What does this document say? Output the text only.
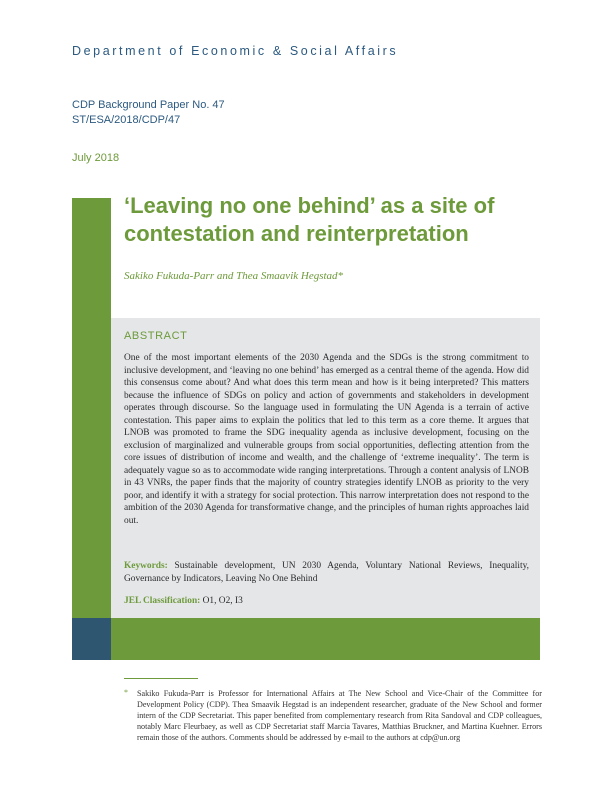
Department of Economic & Social Affairs
CDP Background Paper No. 47
ST/ESA/2018/CDP/47
July 2018
‘Leaving no one behind’ as a site of contestation and reinterpretation
Sakiko Fukuda-Parr and Thea Smaavik Hegstad*
ABSTRACT
One of the most important elements of the 2030 Agenda and the SDGs is the strong commitment to inclusive development, and ‘leaving no one behind’ has emerged as a central theme of the agenda. How did this consensus come about? And what does this term mean and how is it being interpreted? This matters because the influence of SDGs on policy and action of governments and stakeholders in development operates through discourse. So the language used in formulating the UN Agenda is a terrain of active contestation. This paper aims to explain the politics that led to this term as a core theme. It argues that LNOB was promoted to frame the SDG inequality agenda as inclusive development, focusing on the exclusion of marginalized and vulnerable groups from social opportunities, deflecting attention from the core issues of distribution of income and wealth, and the challenge of ‘extreme inequality’. The term is adequately vague so as to accommodate wide ranging interpretations. Through a content analysis of LNOB in 43 VNRs, the paper finds that the majority of country strategies identify LNOB as priority to the very poor, and identify it with a strategy for social protection. This narrow interpretation does not respond to the ambition of the 2030 Agenda for transformative change, and the principles of human rights approaches laid out.
Keywords: Sustainable development, UN 2030 Agenda, Voluntary National Reviews, Inequality, Governance by Indicators, Leaving No One Behind
JEL Classification: O1, O2, I3
* Sakiko Fukuda-Parr is Professor for International Affairs at The New School and Vice-Chair of the Committee for Development Policy (CDP). Thea Smaavik Hegstad is an independent researcher, graduate of the New School and former intern of the CDP Secretariat. This paper benefited from complementary research from Rita Sandoval and CDP colleagues, notably Marc Fleurbaey, as well as CDP Secretariat staff Marcia Tavares, Matthias Bruckner, and Martina Kuehner. Errors remain those of the authors. Comments should be addressed by e-mail to the authors at cdp@un.org
